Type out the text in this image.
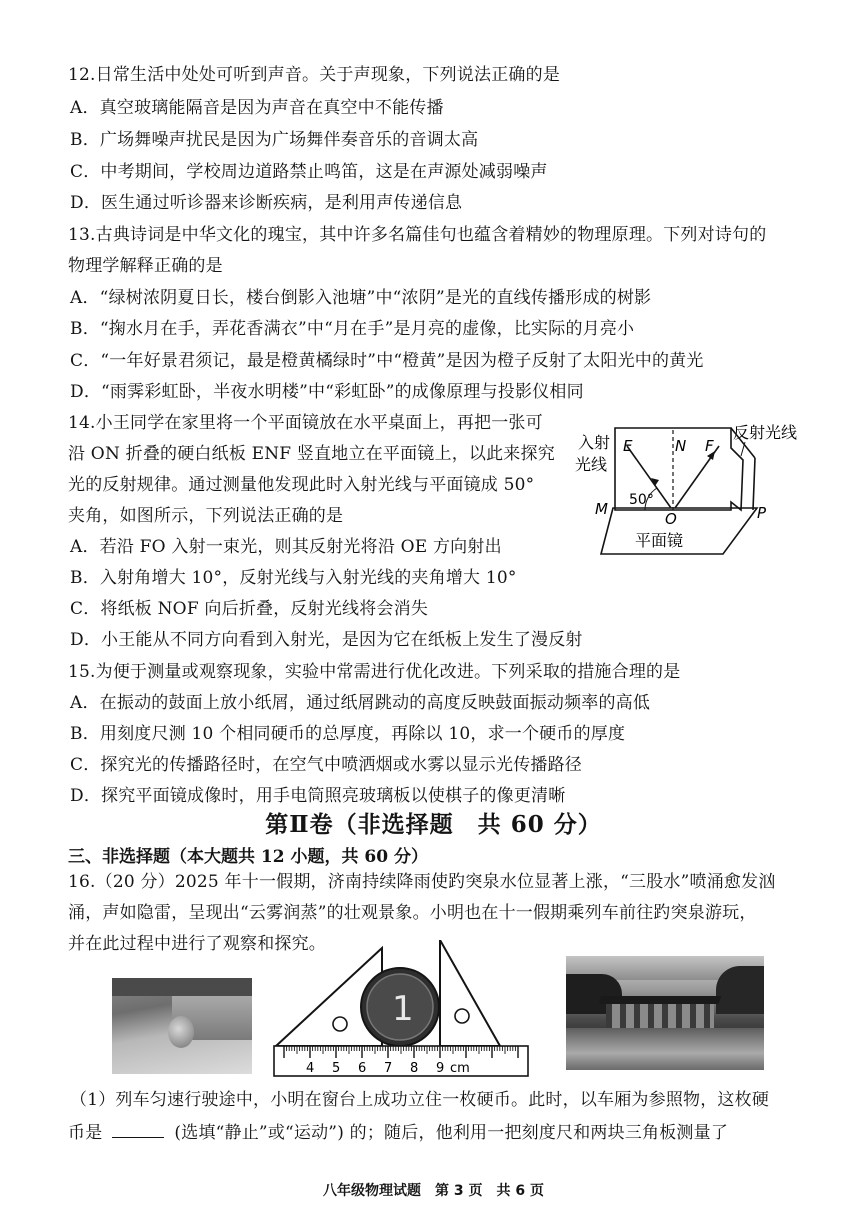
12.日常生活中处处可听到声音。关于声现象，下列说法正确的是
A．真空玻璃能隔音是因为声音在真空中不能传播
B．广场舞噪声扰民是因为广场舞伴奏音乐的音调太高
C．中考期间，学校周边道路禁止鸣笛，这是在声源处减弱噪声
D．医生通过听诊器来诊断疾病，是利用声传递信息
13.古典诗词是中华文化的瑰宝，其中许多名篇佳句也蕴含着精妙的物理原理。下列对诗句的
物理学解释正确的是
A．“绿树浓阴夏日长，楼台倒影入池塘”中“浓阴”是光的直线传播形成的树影
B．“掬水月在手，弄花香满衣”中“月在手”是月亮的虚像，比实际的月亮小
C．“一年好景君须记，最是橙黄橘绿时”中“橙黄”是因为橙子反射了太阳光中的黄光
D．“雨霁彩虹卧，半夜水明楼”中“彩虹卧”的成像原理与投影仪相同
14.小王同学在家里将一个平面镜放在水平桌面上，再把一张可
沿 ON 折叠的硬白纸板 ENF 竖直地立在平面镜上，以此来探究
光的反射规律。通过测量他发现此时入射光线与平面镜成 50°
夹角，如图所示，下列说法正确的是
A．若沿 FO 入射一束光，则其反射光将沿 OE 方向射出
B．入射角增大 10°，反射光线与入射光线的夹角增大 10°
C．将纸板 NOF 向后折叠，反射光线将会消失
D．小王能从不同方向看到入射光，是因为它在纸板上发生了漫反射
入射
光线
反射光线
50°
E	N F
M
O	P
平面镜
15.为便于测量或观察现象，实验中常需进行优化改进。下列采取的措施合理的是
A．在振动的鼓面上放小纸屑，通过纸屑跳动的高度反映鼓面振动频率的高低
B．用刻度尺测 10 个相同硬币的总厚度，再除以 10，求一个硬币的厚度
C．探究光的传播路径时，在空气中喷洒烟或水雾以显示光传播路径
D．探究平面镜成像时，用手电筒照亮玻璃板以使棋子的像更清晰
第Ⅱ卷（非选择题　共 60 分）
三、非选择题（本大题共 12 小题，共 60 分）
16.（20 分）2025 年十一假期，济南持续降雨使趵突泉水位显著上涨，“三股水”喷涌愈发汹
涌，声如隐雷，呈现出“云雾润蒸”的壮观景象。小明也在十一假期乘列车前往趵突泉游玩，
并在此过程中进行了观察和探究。
1
4 5 6 7 8 9 cm
（1）列车匀速行驶途中，小明在窗台上成功立住一枚硬币。此时，以车厢为参照物，这枚硬
币是	(选填“静止”或“运动”) 的；随后，他利用一把刻度尺和两块三角板测量了
八年级物理试题　第 3 页　共 6 页
